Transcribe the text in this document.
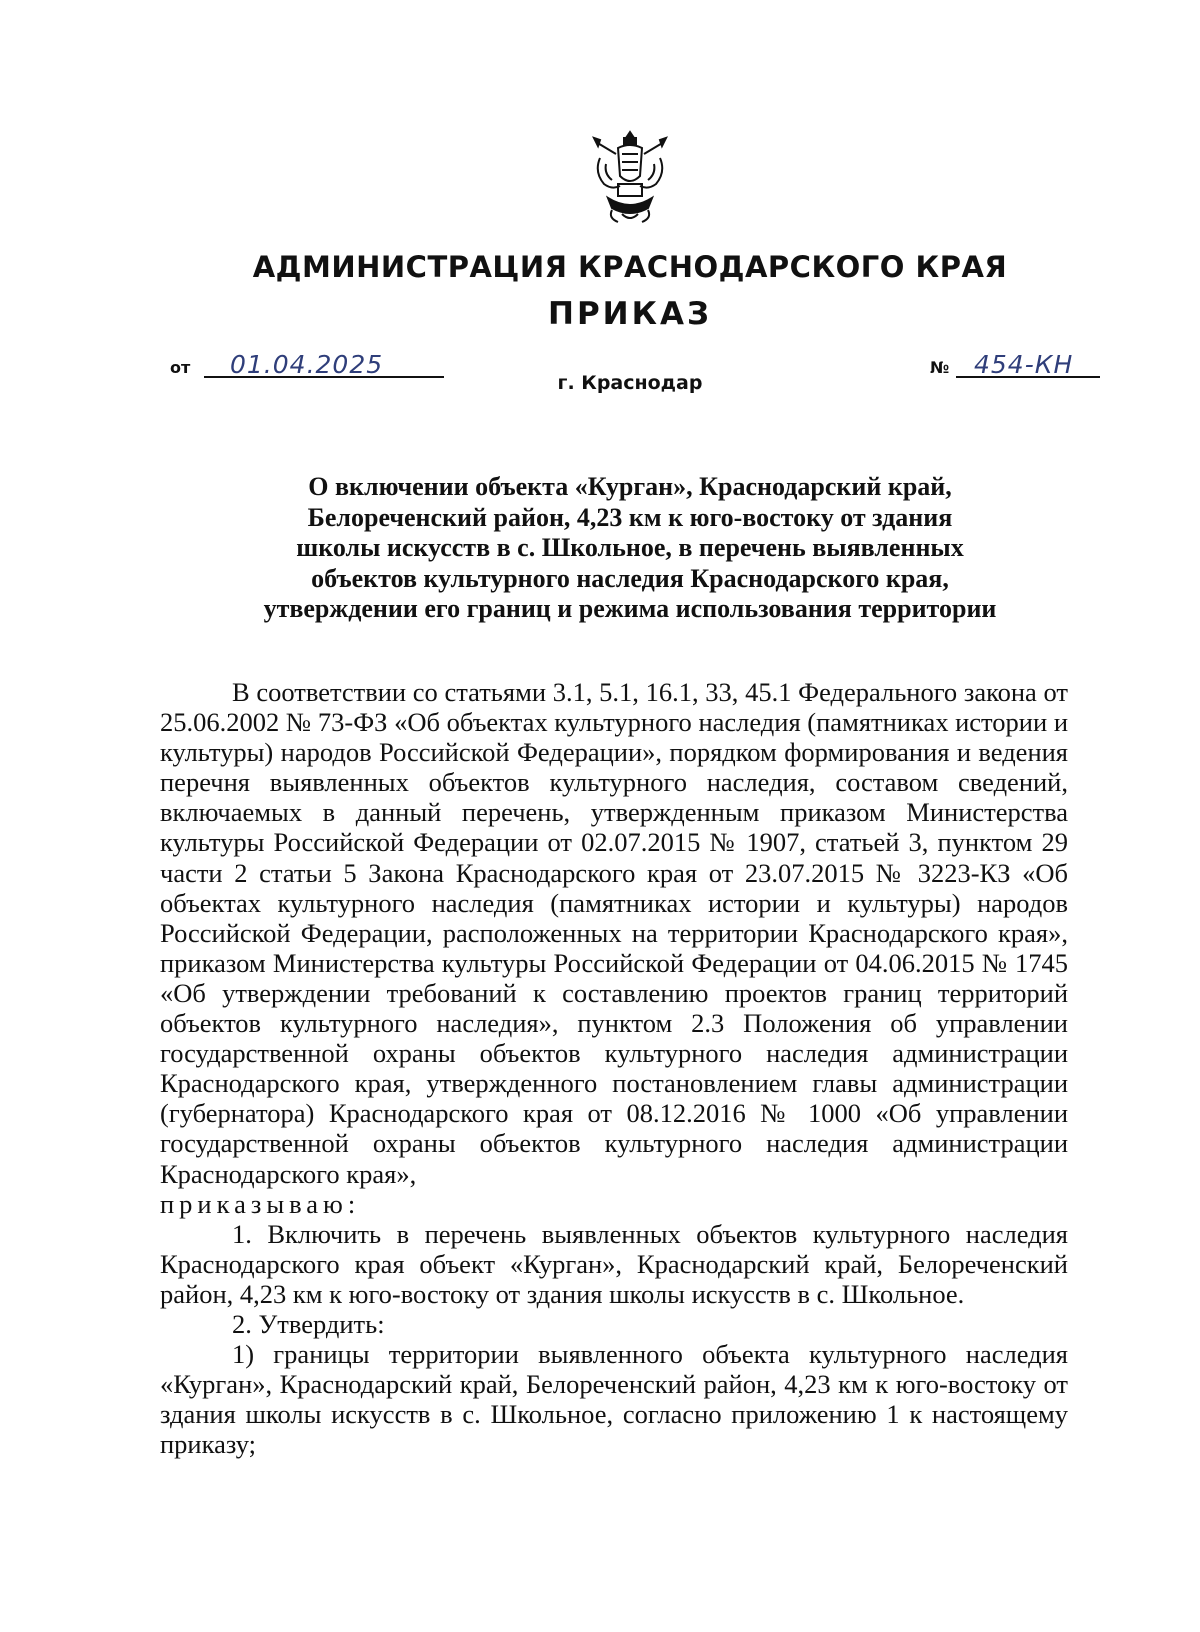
АДМИНИСТРАЦИЯ КРАСНОДАРСКОГО КРАЯ
ПРИКАЗ
от 01.04.2025	№ 454-КН
г. Краснодар
О включении объекта «Курган», Краснодарский край,
Белореченский район, 4,23 км к юго-востоку от здания
школы искусств в с. Школьное, в перечень выявленных
объектов культурного наследия Краснодарского края,
утверждении его границ и режима использования территории

В соответствии со статьями 3.1, 5.1, 16.1, 33, 45.1 Федерального закона от 25.06.2002 № 73-ФЗ «Об объектах культурного наследия (памятниках истории и культуры) народов Российской Федерации», порядком формирования и ведения перечня выявленных объектов культурного наследия, составом сведений, включаемых в данный перечень, утвержденным приказом Министерства культуры Российской Федерации от 02.07.2015 № 1907, статьей 3, пунктом 29 части 2 статьи 5 Закона Краснодарского края от 23.07.2015 № 3223-КЗ «Об объектах культурного наследия (памятниках истории и культуры) народов Российской Федерации, расположенных на территории Краснодарского края», приказом Министерства культуры Российской Федерации от 04.06.2015 № 1745 «Об утверждении требований к составлению проектов границ территорий объектов культурного наследия», пунктом 2.3 Положения об управлении государственной охраны объектов культурного наследия администрации Краснодарского края, утвержденного постановлением главы администрации (губернатора) Краснодарского края от 08.12.2016 № 1000 «Об управлении государственной охраны объектов культурного наследия администрации Краснодарского края»,

приказываю:

1. Включить в перечень выявленных объектов культурного наследия Краснодарского края объект «Курган», Краснодарский край, Белореченский район, 4,23 км к юго-востоку от здания школы искусств в с. Школьное.

2. Утвердить:

1) границы территории выявленного объекта культурного наследия «Курган», Краснодарский край, Белореченский район, 4,23 км к юго-востоку от здания школы искусств в с. Школьное, согласно приложению 1 к настоящему приказу;
